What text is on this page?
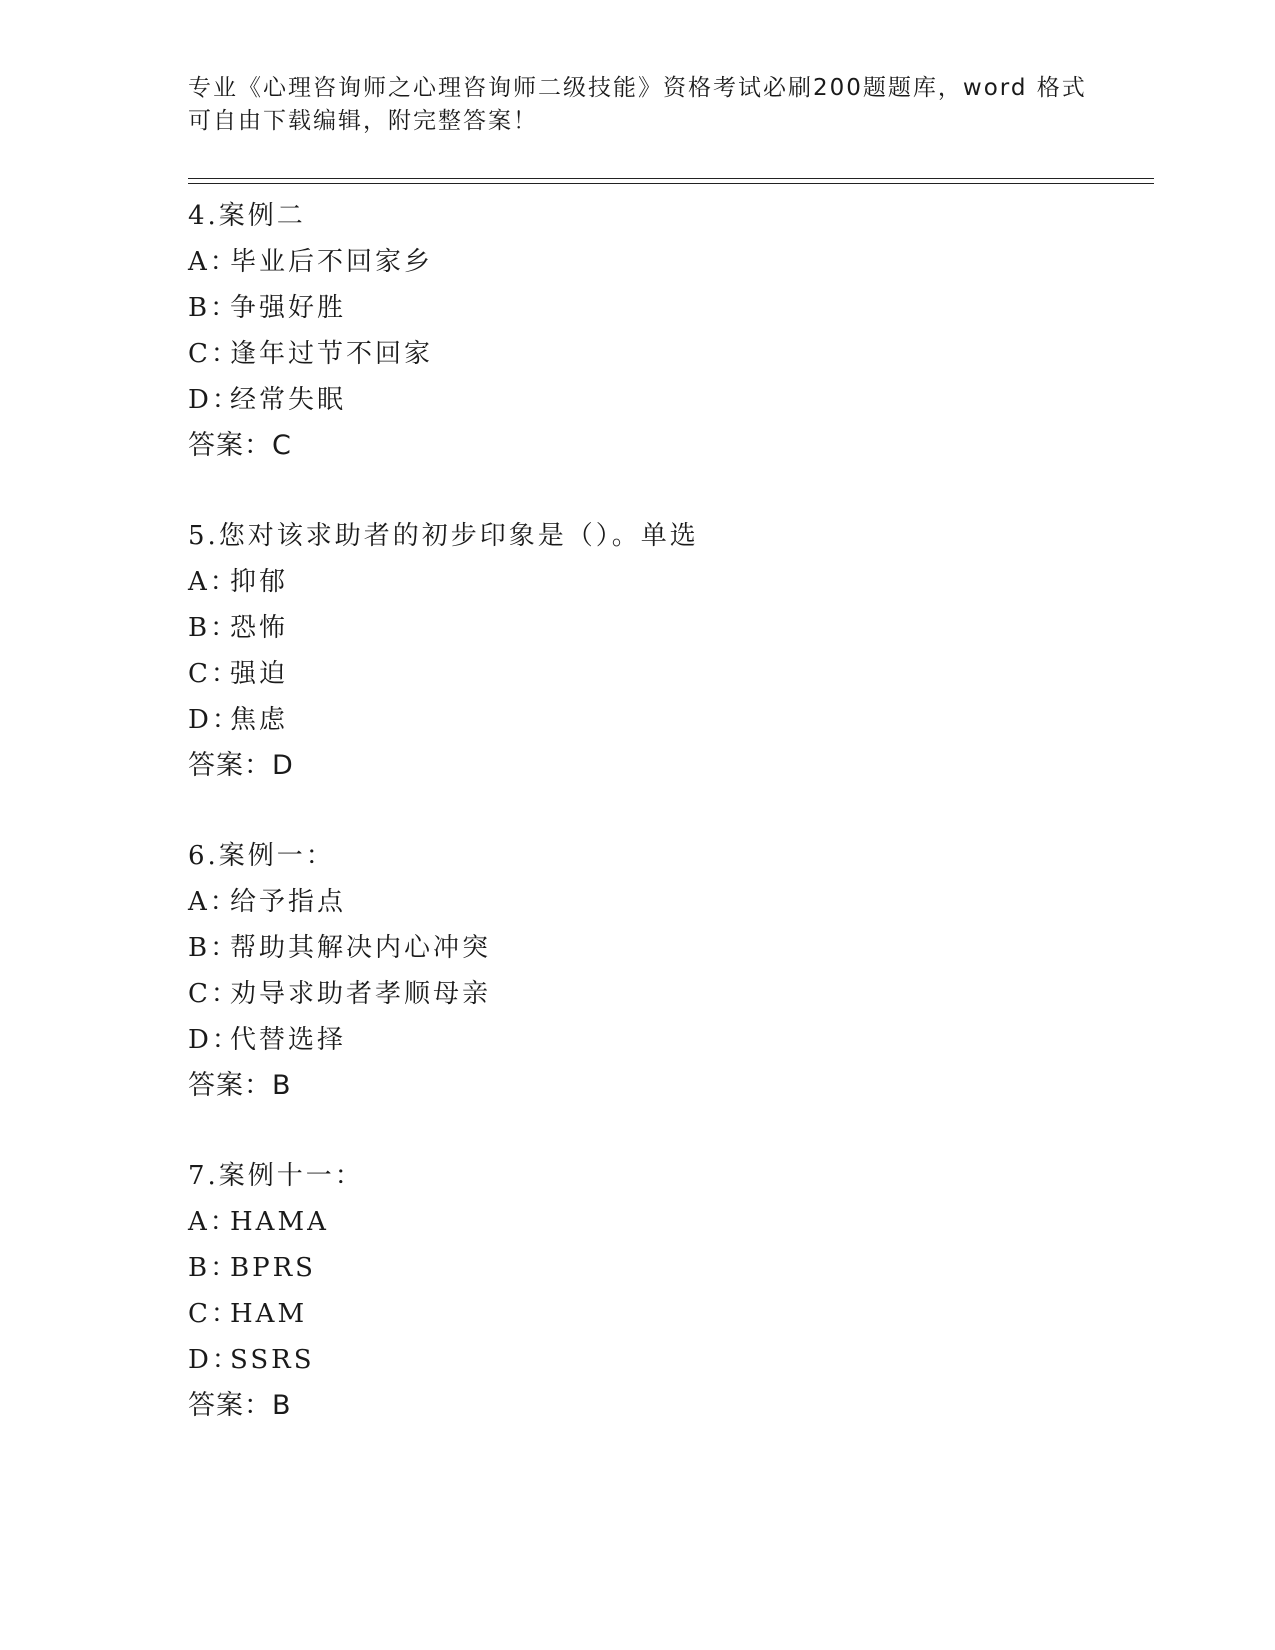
专业《心理咨询师之心理咨询师二级技能》资格考试必刷200题题库，word 格式
可自由下载编辑，附完整答案！
4.案例二
A：
毕业后不回家乡
B：
争强好胜
C：
逢年过节不回家
D：
经常失眠
答案：C
5.您对该求助者的初步印象是（）。单选
A：
抑郁
B：
恐怖
C：
强迫
D：
焦虑
答案：D
6.案例一：
A：
给予指点
B：
帮助其解决内心冲突
C：
劝导求助者孝顺母亲
D：
代替选择
答案：B
7.案例十一：
A：
HAMA
B：
BPRS
C：
HAM
D：
SSRS
答案：B
